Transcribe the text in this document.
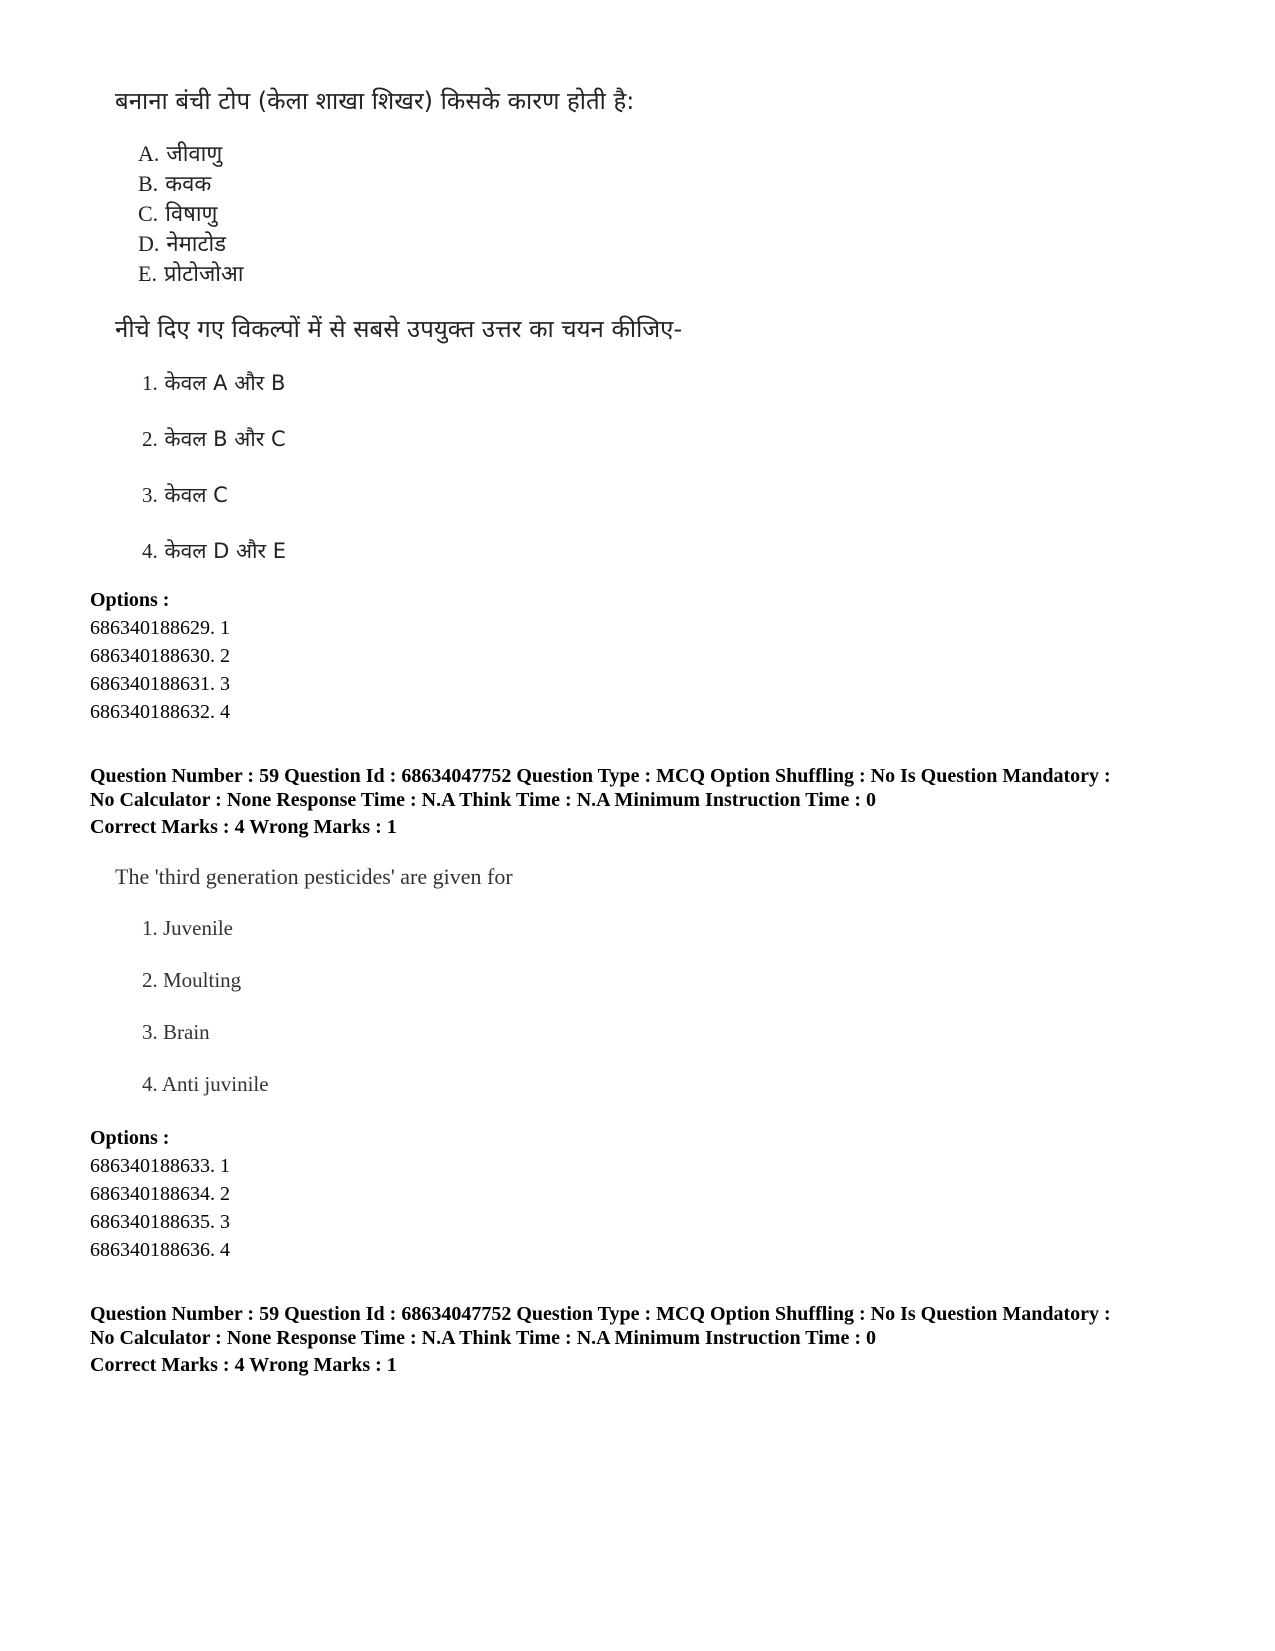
बनाना बंची टोप (केला शाखा शिखर) किसके कारण होती है:
A. जीवाणु
B. कवक
C. विषाणु
D. नेमाटोड
E. प्रोटोजोआ
नीचे दिए गए विकल्पों में से सबसे उपयुक्त उत्तर का चयन कीजिए-
1. केवल A और B
2. केवल B और C
3. केवल C
4. केवल D और E
Options :
686340188629. 1
686340188630. 2
686340188631. 3
686340188632. 4
Question Number : 59 Question Id : 68634047752 Question Type : MCQ Option Shuffling : No Is Question Mandatory :
No Calculator : None Response Time : N.A Think Time : N.A Minimum Instruction Time : 0
Correct Marks : 4 Wrong Marks : 1
The 'third generation pesticides' are given for
1. Juvenile
2. Moulting
3. Brain
4. Anti juvinile
Options :
686340188633. 1
686340188634. 2
686340188635. 3
686340188636. 4
Question Number : 59 Question Id : 68634047752 Question Type : MCQ Option Shuffling : No Is Question Mandatory :
No Calculator : None Response Time : N.A Think Time : N.A Minimum Instruction Time : 0
Correct Marks : 4 Wrong Marks : 1
